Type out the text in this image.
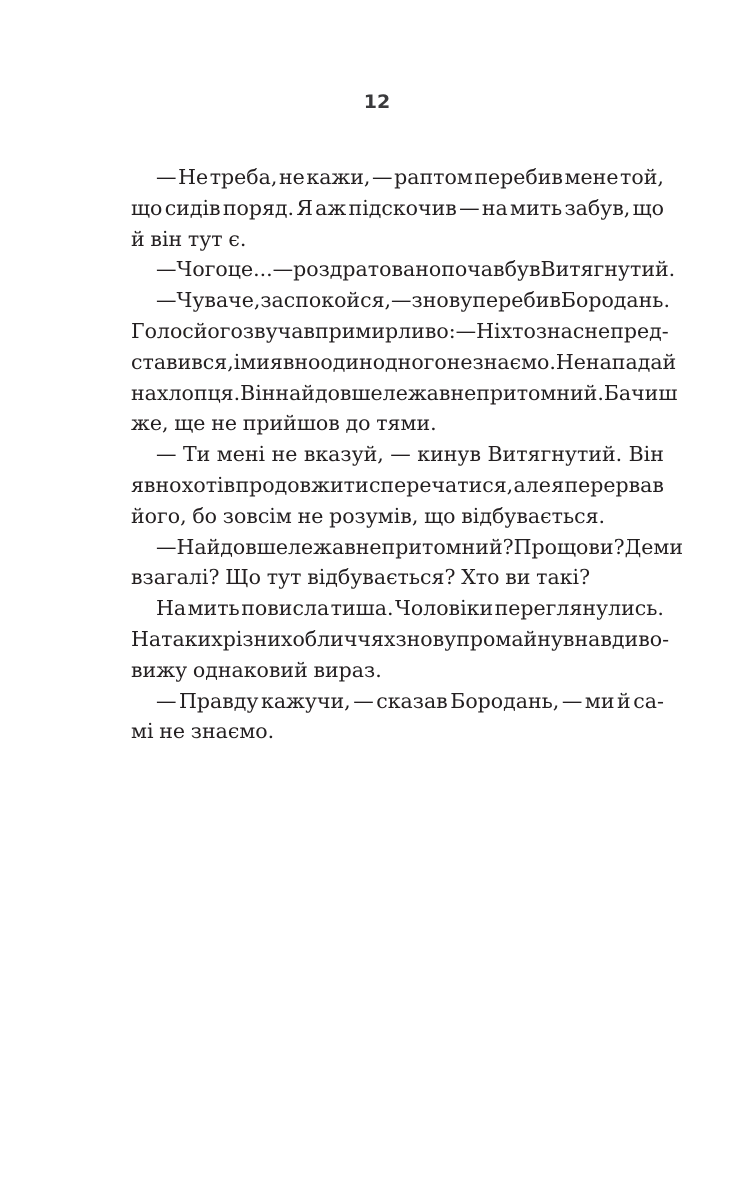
12
— Не треба, не кажи, — раптом перебив мене той,
що сидів поряд. Я аж підскочив — на мить забув, що
й він тут є.
— Чого це... — роздратовано почав був Витягнутий.
— Чуваче, заспокойся, — знову перебив Бородань.
Голос його звучав примирливо: — Ніхто з нас не пред-
ставився, і ми явно один одного не знаємо. Не нападай
на хлопця. Він найдовше лежав непритомний. Бачиш
же, ще не прийшов до тями.
— Ти мені не вказуй, — кинув Витягнутий. Він
явно хотів продовжити сперечатися, але я перервав
його, бо зовсім не розумів, що відбувається.
— Найдовше лежав непритомний? Про що ви? Де ми
взагалі? Що тут відбувається? Хто ви такі?
На мить повисла тиша. Чоловіки переглянулись.
На таких різних обличчях знову промайнув навдиво-
вижу однаковий вираз.
— Правду кажучи, — сказав Бородань, — ми й са-
мі не знаємо.
